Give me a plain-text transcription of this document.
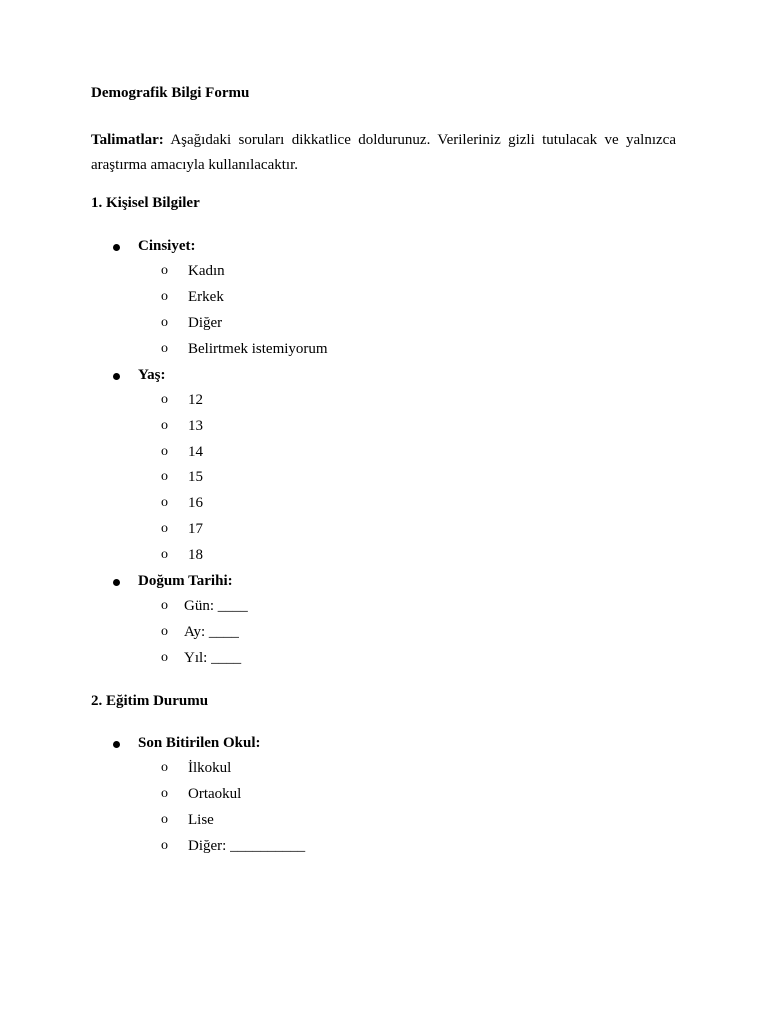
Demografik Bilgi Formu

Talimatlar: Aşağıdaki soruları dikkatlice doldurunuz. Verileriniz gizli tutulacak ve yalnızca araştırma amacıyla kullanılacaktır.

1. Kişisel Bilgiler
Cinsiyet:
o Kadın
o Erkek
o Diğer
o Belirtmek istemiyorum
Yaş:
o 12
o 13
o 14
o 15
o 16
o 17
o 18
Doğum Tarihi:
o Gün: ____
o Ay: ____
o Yıl: ____
2. Eğitim Durumu
Son Bitirilen Okul:
o İlkokul
o Ortaokul
o Lise
o Diğer: __________
